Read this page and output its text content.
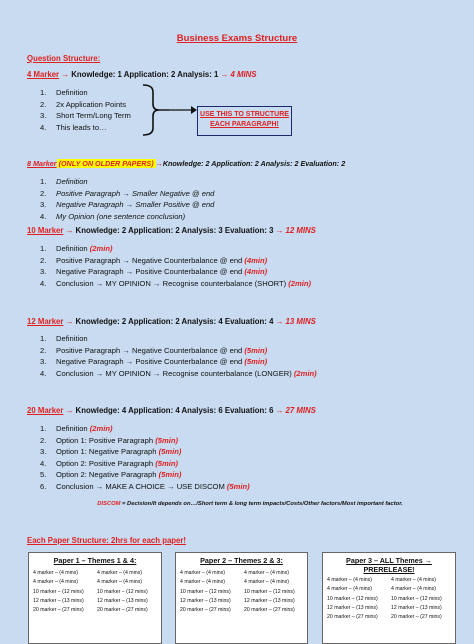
Business Exams Structure
Question Structure:
4 Marker → Knowledge: 1 Application: 2 Analysis: 1 → 4 MINS
1. Definition
2. 2x Application Points
3. Short Term/Long Term
4. This leads to…
USE THIS TO STRUCTURE EACH PARAGRAPH!
8 Marker (ONLY ON OLDER PAPERS) →Knowledge: 2 Application: 2 Analysis: 2 Evaluation: 2
1. Definition
2. Positive Paragraph → Smaller Negative @ end
3. Negative Paragraph → Smaller Positive @ end
4. My Opinion (one sentence conclusion)
10 Marker → Knowledge: 2 Application: 2 Analysis: 3 Evaluation: 3 → 12 MINS
1. Definition (2min)
2. Positive Paragraph → Negative Counterbalance @ end (4min)
3. Negative Paragraph → Positive Counterbalance @ end (4min)
4. Conclusion → MY OPINION → Recognise counterbalance (SHORT) (2min)
12 Marker → Knowledge: 2 Application: 2 Analysis: 4 Evaluation: 4 → 13 MINS
1. Definition
2. Positive Paragraph → Negative Counterbalance @ end (5min)
3. Negative Paragraph → Positive Counterbalance @ end (5min)
4. Conclusion → MY OPINION → Recognise counterbalance (LONGER) (2min)
20 Marker → Knowledge: 4 Application: 4 Analysis: 6 Evaluation: 6 → 27 MINS
1. Definition (2min)
2. Option 1: Positive Paragraph (5min)
3. Option 1: Negative Paragraph (5min)
4. Option 2: Positive Paragraph (5min)
5. Option 2: Negative Paragraph (5min)
6. Conclusion → MAKE A CHOICE → USE DISCOM (5min)
DISCOM = Decision/It depends on…/Short term & long term impacts/Costs/Other factors/Most important factor.
Each Paper Structure: 2hrs for each paper!
Paper 1 – Themes 1 & 4:
4 marker – (4 mins)
4 marker – (4 mins)
10 marker – (12 mins)
12 marker – (13 mins)
20 marker – (27 mins)
4 marker – (4 mins)
4 marker – (4 mins)
10 marker – (12 mins)
12 marker – (13 mins)
20 marker – (27 mins)
Paper 2 – Themes 2 & 3:
4 marker – (4 mins)
4 marker – (4 mins)
10 marker – (12 mins)
12 marker – (13 mins)
20 marker – (27 mins)
4 marker – (4 mins)
4 marker – (4 mins)
10 marker – (12 mins)
12 marker – (13 mins)
20 marker – (27 mins)
Paper 3 – ALL Themes →
PRERELEASE!
4 marker – (4 mins)
4 marker – (4 mins)
10 marker – (12 mins)
12 marker – (13 mins)
20 marker – (27 mins)
4 marker – (4 mins)
4 marker – (4 mins)
10 marker – (12 mins)
12 marker – (13 mins)
20 marker – (27 mins)
